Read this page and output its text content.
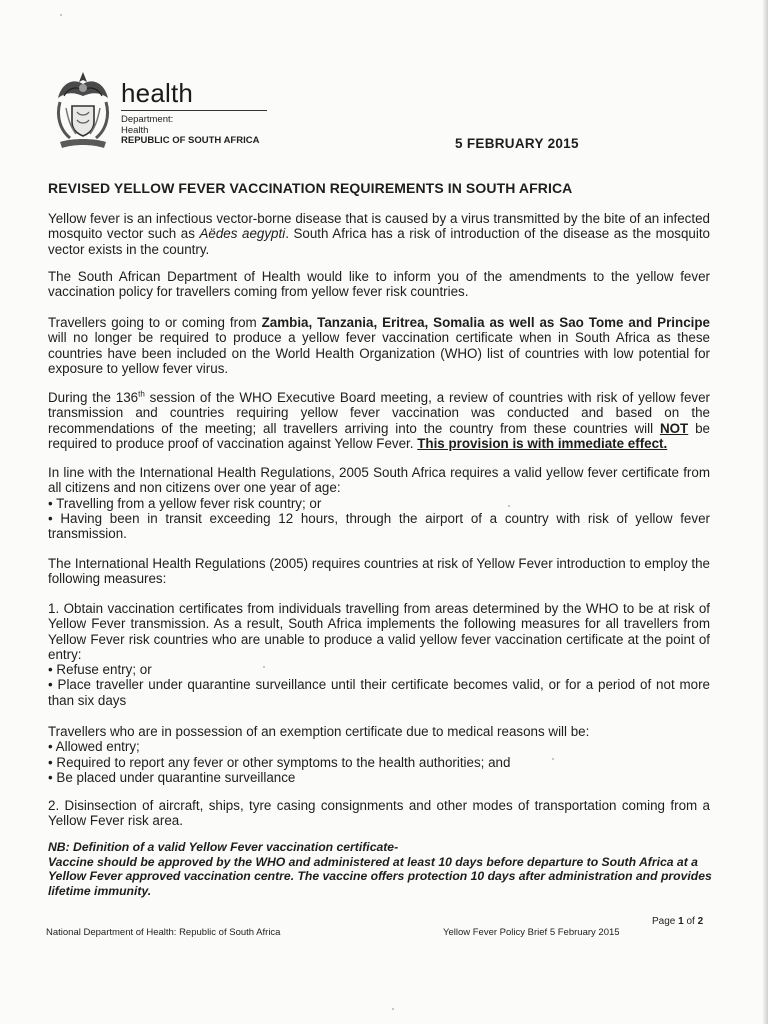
health
Department:
Health
REPUBLIC OF SOUTH AFRICA	5 FEBRUARY 2015
REVISED YELLOW FEVER VACCINATION REQUIREMENTS IN SOUTH AFRICA
Yellow fever is an infectious vector-borne disease that is caused by a virus transmitted by the bite of an infected mosquito vector such as Aëdes aegypti. South Africa has a risk of introduction of the disease as the mosquito vector exists in the country.
The South African Department of Health would like to inform you of the amendments to the yellow fever vaccination policy for travellers coming from yellow fever risk countries.
Travellers going to or coming from Zambia, Tanzania, Eritrea, Somalia as well as Sao Tome and Principe will no longer be required to produce a yellow fever vaccination certificate when in South Africa as these countries have been included on the World Health Organization (WHO) list of countries with low potential for exposure to yellow fever virus.
During the 136th session of the WHO Executive Board meeting, a review of countries with risk of yellow fever transmission and countries requiring yellow fever vaccination was conducted and based on the recommendations of the meeting; all travellers arriving into the country from these countries will NOT be required to produce proof of vaccination against Yellow Fever. This provision is with immediate effect.
In line with the International Health Regulations, 2005 South Africa requires a valid yellow fever certificate from all citizens and non citizens over one year of age:
• Travelling from a yellow fever risk country; or
• Having been in transit exceeding 12 hours, through the airport of a country with risk of yellow fever transmission.
The International Health Regulations (2005) requires countries at risk of Yellow Fever introduction to employ the following measures:
1. Obtain vaccination certificates from individuals travelling from areas determined by the WHO to be at risk of Yellow Fever transmission. As a result, South Africa implements the following measures for all travellers from Yellow Fever risk countries who are unable to produce a valid yellow fever vaccination certificate at the point of entry:
• Refuse entry; or
• Place traveller under quarantine surveillance until their certificate becomes valid, or for a period of not more than six days
Travellers who are in possession of an exemption certificate due to medical reasons will be:
• Allowed entry;
• Required to report any fever or other symptoms to the health authorities; and
• Be placed under quarantine surveillance
2. Disinsection of aircraft, ships, tyre casing consignments and other modes of transportation coming from a Yellow Fever risk area.
NB: Definition of a valid Yellow Fever vaccination certificate-
Vaccine should be approved by the WHO and administered at least 10 days before departure to South Africa at a Yellow Fever approved vaccination centre. The vaccine offers protection 10 days after administration and provides lifetime immunity.
Page 1 of 2
National Department of Health: Republic of South Africa	Yellow Fever Policy Brief 5 February 2015
